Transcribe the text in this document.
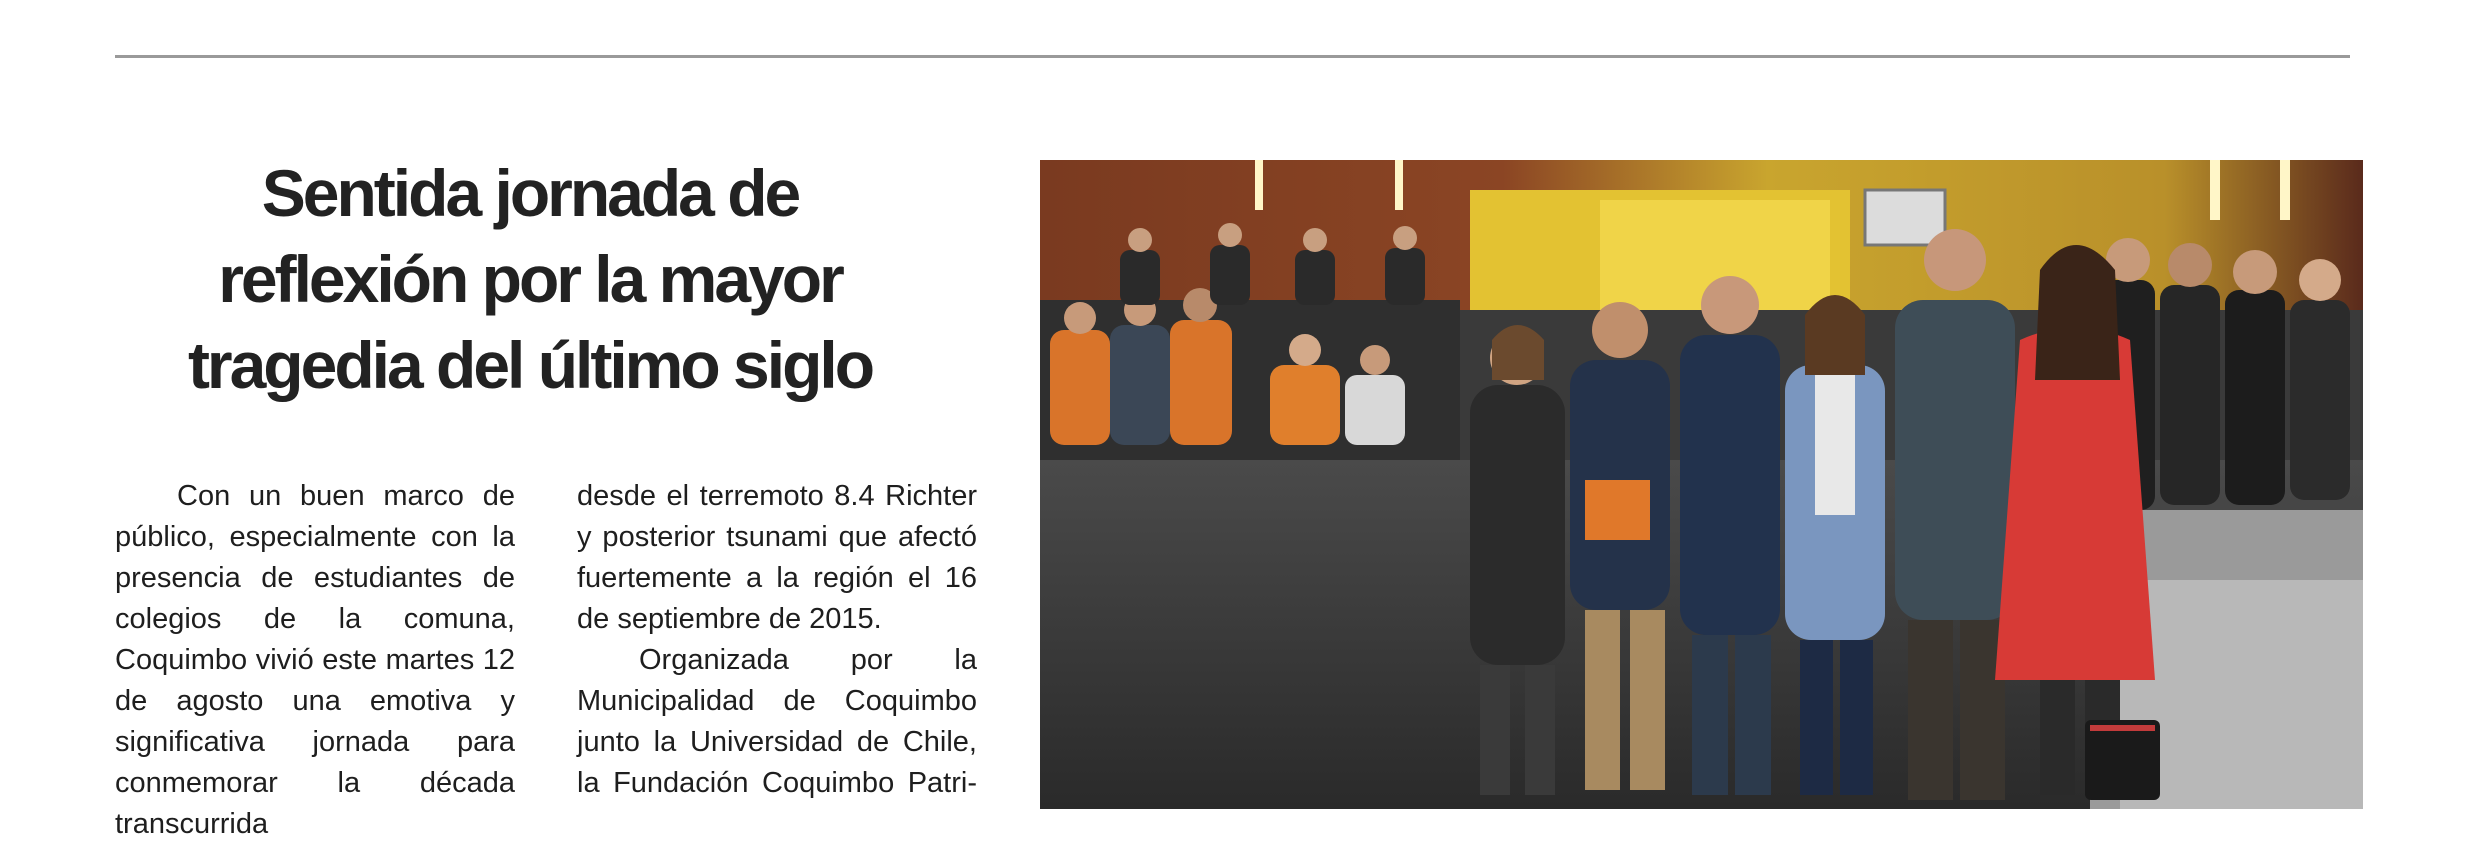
Sentida jornada de reflexión por la mayor tragedia del último siglo

Con un buen marco de público, especialmente con la presencia de estudiantes de colegios de la comuna, Coquimbo vivió este martes 12 de agosto una emotiva y significativa jornada para conmemorar la década transcurrida

desde el terremoto 8.4 Richter y posterior tsunami que afectó fuertemente a la región el 16 de septiembre de 2015.

Organizada por la Municipalidad de Coquimbo junto la Universidad de Chile, la Fundación Coquimbo Patri-
